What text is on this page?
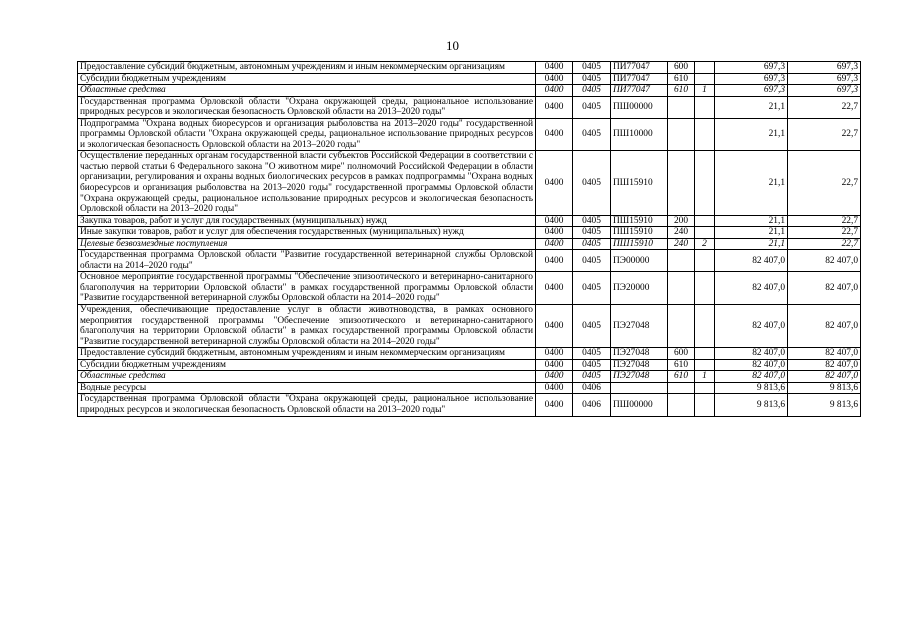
10
Предоставление субсидий бюджетным, автономным учреждениям и иным некоммерческим организациям	0400	0405	ПИ77047	600		697,3	697,3
Субсидии бюджетным учреждениям	0400	0405	ПИ77047	610		697,3	697,3
Областные средства	0400	0405	ПИ77047	610	1	697,3	697,3
Государственная программа Орловской области "Охрана окружающей среды, рациональное использование природных ресурсов и экологическая безопасность Орловской области на 2013–2020 годы"	0400	0405	ПШ00000			21,1	22,7
Подпрограмма "Охрана водных биоресурсов и организация рыболовства на 2013–2020 годы" государственной программы Орловской области "Охрана окружающей среды, рациональное использование природных ресурсов и экологическая безопасность Орловской области на 2013–2020 годы"	0400	0405	ПШ10000			21,1	22,7
Осуществление переданных органам государственной власти субъектов Российской Федерации в соответствии с частью первой статьи 6 Федерального закона "О животном мире" полномочий Российской Федерации в области организации, регулирования и охраны водных биологических ресурсов в рамках подпрограммы "Охрана водных биоресурсов и организация рыболовства на 2013–2020 годы" государственной программы Орловской области "Охрана окружающей среды, рациональное использование природных ресурсов и экологическая безопасность Орловской области на 2013–2020 годы"	0400	0405	ПШ15910			21,1	22,7
Закупка товаров, работ и услуг для государственных (муниципальных) нужд	0400	0405	ПШ15910	200		21,1	22,7
Иные закупки товаров, работ и услуг для обеспечения государственных (муниципальных) нужд	0400	0405	ПШ15910	240		21,1	22,7
Целевые безвозмездные поступления	0400	0405	ПШ15910	240	2	21,1	22,7
Государственная программа Орловской области "Развитие государственной ветеринарной службы Орловской области на 2014–2020 годы"	0400	0405	ПЭ00000			82 407,0	82 407,0
Основное мероприятие государственной программы "Обеспечение эпизоотического и ветеринарно-санитарного благополучия на территории Орловской области" в рамках государственной программы Орловской области "Развитие государственной ветеринарной службы Орловской области на 2014–2020 годы"	0400	0405	ПЭ20000			82 407,0	82 407,0
Учреждения, обеспечивающие предоставление услуг в области животноводства, в рамках основного мероприятия государственной программы "Обеспечение эпизоотического и ветеринарно-санитарного благополучия на территории Орловской области" в рамках государственной программы Орловской области "Развитие государственной ветеринарной службы Орловской области на 2014–2020 годы"	0400	0405	ПЭ27048			82 407,0	82 407,0
Предоставление субсидий бюджетным, автономным учреждениям и иным некоммерческим организациям	0400	0405	ПЭ27048	600		82 407,0	82 407,0
Субсидии бюджетным учреждениям	0400	0405	ПЭ27048	610		82 407,0	82 407,0
Областные средства	0400	0405	ПЭ27048	610	1	82 407,0	82 407,0
Водные ресурсы	0400	0406				9 813,6	9 813,6
Государственная программа Орловской области "Охрана окружающей среды, рациональное использование природных ресурсов и экологическая безопасность Орловской области на 2013–2020 годы"	0400	0406	ПШ00000			9 813,6	9 813,6
